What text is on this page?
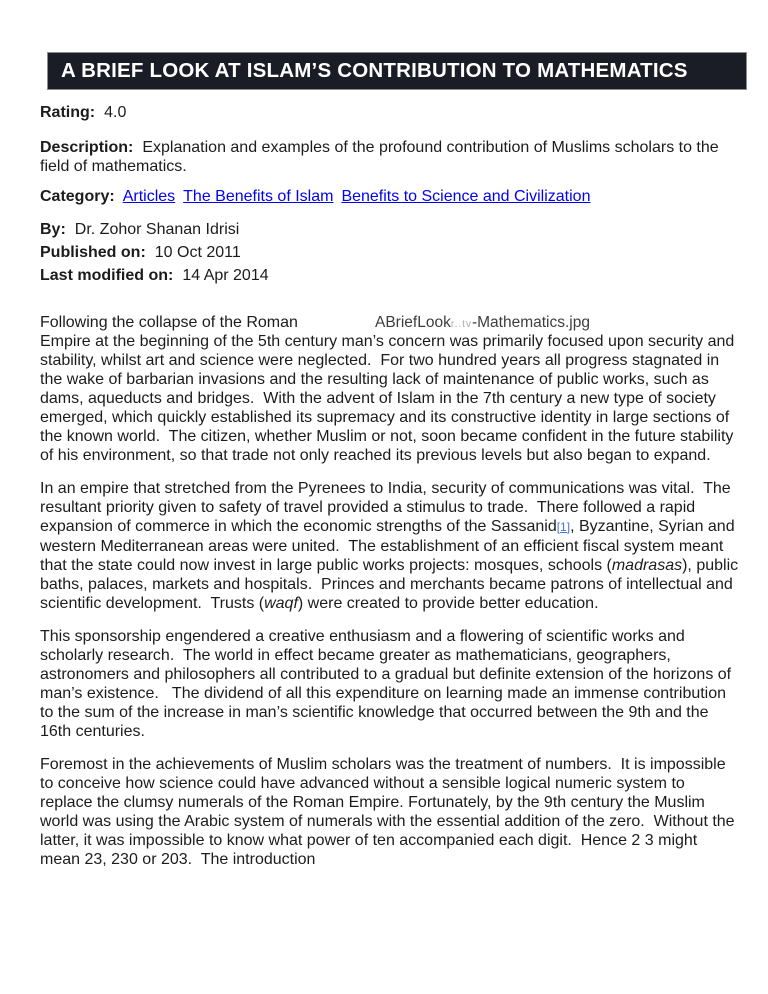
A BRIEF LOOK AT ISLAM’S CONTRIBUTION TO MATHEMATICS

Rating: 4.0

Description: Explanation and examples of the profound contribution of Muslims scholars to the field of mathematics.

Category: Articles The Benefits of Islam Benefits to Science and Civilization

By: Dr. Zohor Shanan Idrisi
Published on: 10 Oct 2011
Last modified on: 14 Apr 2014
Following the collapse of the Roman	ABriefLookr..tv-Mathematics.jpg
Empire at the beginning of the 5th century man’s concern was primarily focused upon security and stability, whilst art and science were neglected.  For two hundred years all progress stagnated in the wake of barbarian invasions and the resulting lack of maintenance of public works, such as dams, aqueducts and bridges.  With the advent of Islam in the 7th century a new type of society emerged, which quickly established its supremacy and its constructive identity in large sections of the known world.  The citizen, whether Muslim or not, soon became confident in the future stability of his environment, so that trade not only reached its previous levels but also began to expand.

In an empire that stretched from the Pyrenees to India, security of communications was vital.  The resultant priority given to safety of travel provided a stimulus to trade.  There followed a rapid expansion of commerce in which the economic strengths of the Sassanid[1], Byzantine, Syrian and western Mediterranean areas were united.  The establishment of an efficient fiscal system meant that the state could now invest in large public works projects: mosques, schools (madrasas), public baths, palaces, markets and hospitals.  Princes and merchants became patrons of intellectual and scientific development.  Trusts (waqf) were created to provide better education.

This sponsorship engendered a creative enthusiasm and a flowering of scientific works and scholarly research.  The world in effect became greater as mathematicians, geographers, astronomers and philosophers all contributed to a gradual but definite extension of the horizons of man’s existence.   The dividend of all this expenditure on learning made an immense contribution to the sum of the increase in man’s scientific knowledge that occurred between the 9th and the 16th centuries.

Foremost in the achievements of Muslim scholars was the treatment of numbers.  It is impossible to conceive how science could have advanced without a sensible logical numeric system to replace the clumsy numerals of the Roman Empire. Fortunately, by the 9th century the Muslim world was using the Arabic system of numerals with the essential addition of the zero.  Without the latter, it was impossible to know what power of ten accompanied each digit.  Hence 2 3 might mean 23, 230 or 203.  The introduction
